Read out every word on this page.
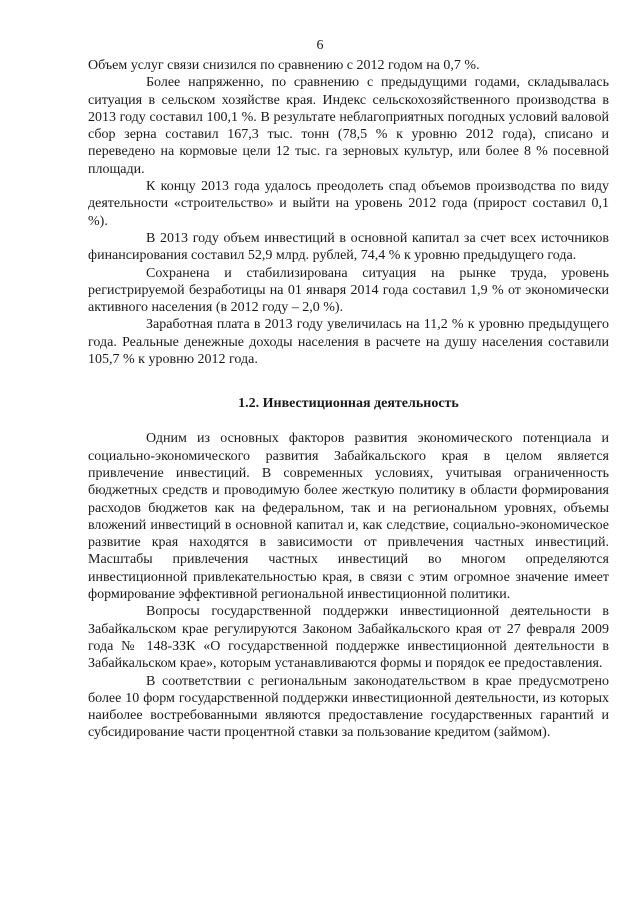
6

Объем услуг связи снизился по сравнению с 2012 годом на 0,7 %.

Более напряженно, по сравнению с предыдущими годами, складывалась ситуация в сельском хозяйстве края. Индекс сельскохозяйственного производства в 2013 году составил 100,1 %. В результате неблагоприятных погодных условий валовой сбор зерна составил 167,3 тыс. тонн (78,5 % к уровню 2012 года), списано и переведено на кормовые цели 12 тыс. га зерновых культур, или более 8 % посевной площади.

К концу 2013 года удалось преодолеть спад объемов производства по виду деятельности «строительство» и выйти на уровень 2012 года (прирост составил 0,1 %).

В 2013 году объем инвестиций в основной капитал за счет всех источников финансирования составил 52,9 млрд. рублей, 74,4 % к уровню предыдущего года.

Сохранена и стабилизирована ситуация на рынке труда, уровень регистрируемой безработицы на 01 января 2014 года составил 1,9 % от экономически активного населения (в 2012 году – 2,0 %).

Заработная плата в 2013 году увеличилась на 11,2 % к уровню предыдущего года. Реальные денежные доходы населения в расчете на душу населения составили 105,7 % к уровню 2012 года.

1.2. Инвестиционная деятельность

Одним из основных факторов развития экономического потенциала и социально-экономического развития Забайкальского края в целом является привлечение инвестиций. В современных условиях, учитывая ограниченность бюджетных средств и проводимую более жесткую политику в области формирования расходов бюджетов как на федеральном, так и на региональном уровнях, объемы вложений инвестиций в основной капитал и, как следствие, социально-экономическое развитие края находятся в зависимости от привлечения частных инвестиций. Масштабы привлечения частных инвестиций во многом определяются инвестиционной привлекательностью края, в связи с этим огромное значение имеет формирование эффективной региональной инвестиционной политики.

Вопросы государственной поддержки инвестиционной деятельности в Забайкальском крае регулируются Законом Забайкальского края от 27 февраля 2009 года № 148-ЗЗК «О государственной поддержке инвестиционной деятельности в Забайкальском крае», которым устанавливаются формы и порядок ее предоставления.

В соответствии с региональным законодательством в крае предусмотрено более 10 форм государственной поддержки инвестиционной деятельности, из которых наиболее востребованными являются предоставление государственных гарантий и субсидирование части процентной ставки за пользование кредитом (займом).
